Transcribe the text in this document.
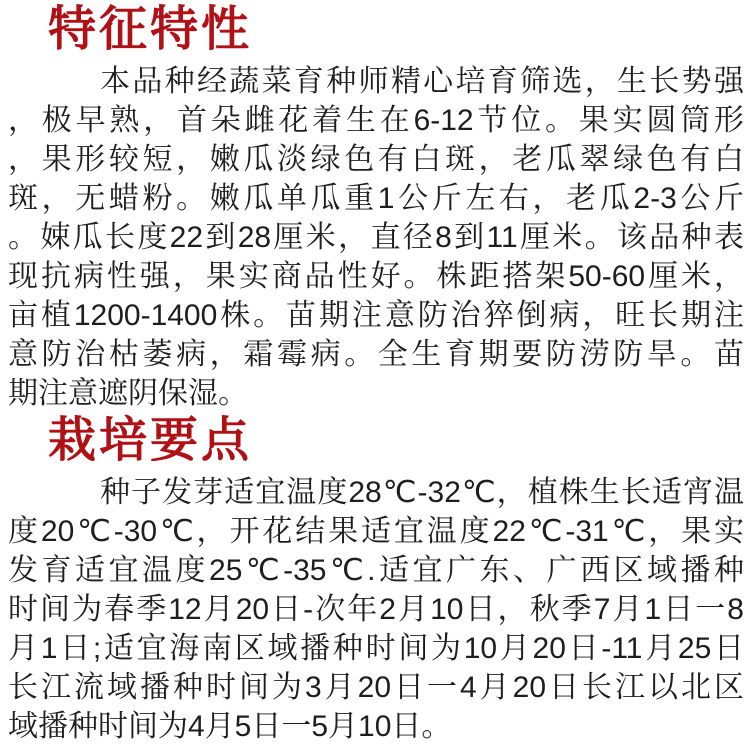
特征特性
本品种经蔬菜育种师精心培育筛选，生长势强
，极早熟，首朵雌花着生在6-12节位。果实圆筒形
，果形较短，嫩瓜淡绿色有白斑，老瓜翠绿色有白
斑，无蜡粉。嫩瓜单瓜重1公斤左右，老瓜2-3公斤
。娕瓜长度22到28厘米，直径8到11厘米。该品种表
现抗病性强，果实商品性好。株距搭架50-60厘米，
亩植1200-1400株。苗期注意防治猝倒病，旺长期注
意防治枯萎病，霜霉病。全生育期要防涝防旱。苗
期注意遮阴保湿。
栽培要点
种子发芽适宜温度28℃-32℃，植株生长适宵温
度20℃-30℃，开花结果适宜温度22℃-31℃，果实
发育适宜温度25℃-35℃.适宜广东、广西区域播种
时间为春季12月20日-次年2月10日，秋季7月1日一8
月1日;适宜海南区域播种时间为10月20日-11月25日
长江流域播种时间为3月20日一4月20日长江以北区
域播种时间为4月5日一5月10日。
